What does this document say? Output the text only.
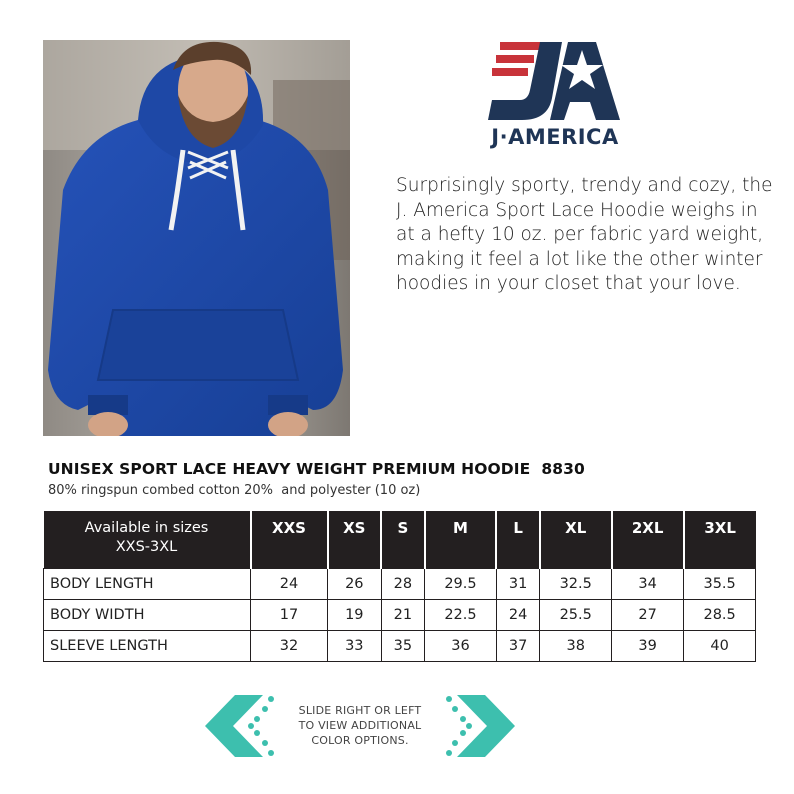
J·AMERICA
Surprisingly sporty, trendy and cozy, the J. America Sport Lace Hoodie weighs in at a hefty 10 oz. per fabric yard weight, making it feel a lot like the other winter hoodies in your closet that your love.
UNISEX SPORT LACE HEAVY WEIGHT PREMIUM HOODIE  8830
80% ringspun combed cotton 20%  and polyester (10 oz)
Available in sizes
XXS-3XL	XXS	XS	S	M	L	XL	2XL	3XL
BODY LENGTH	24	26	28	29.5	31	32.5	34	35.5
BODY WIDTH	17	19	21	22.5	24	25.5	27	28.5
SLEEVE LENGTH	32	33	35	36	37	38	39	40
SLIDE RIGHT OR LEFT
TO VIEW ADDITIONAL
COLOR OPTIONS.
